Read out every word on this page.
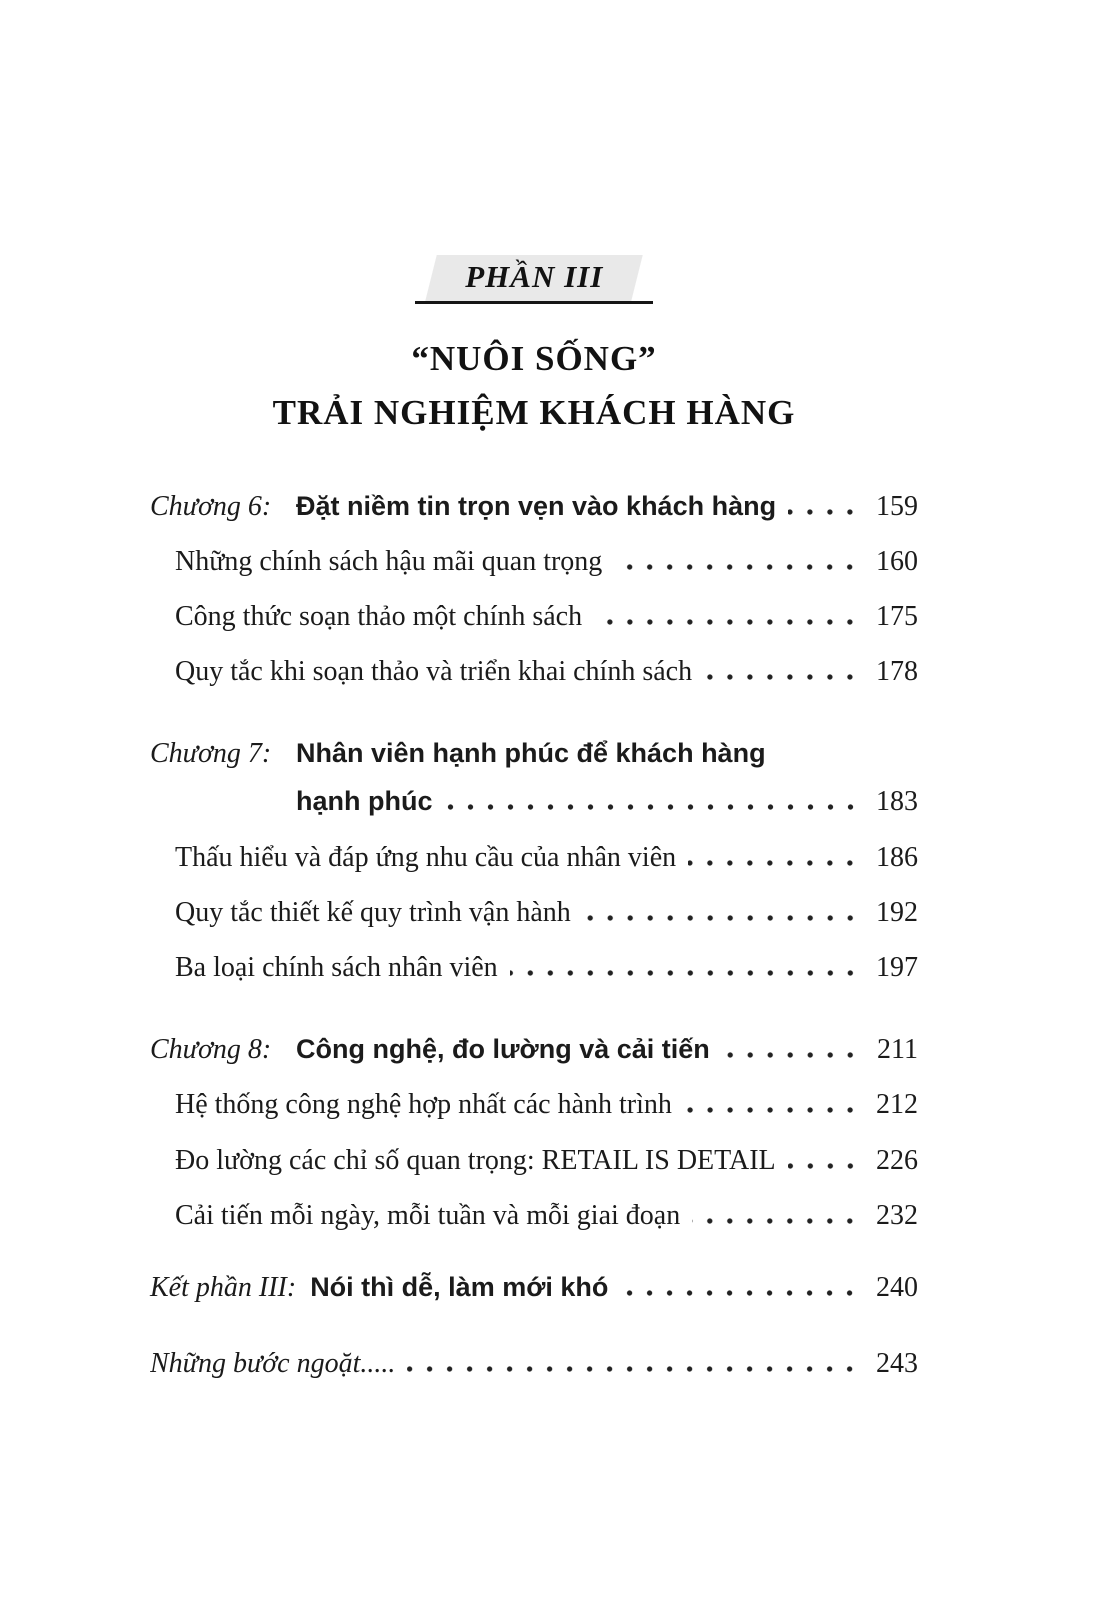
PHẦN III
“NUÔI SỐNG”
TRẢI NGHIỆM KHÁCH HÀNG
Chương 6: Đặt niềm tin trọn vẹn vào khách hàng	159
Những chính sách hậu mãi quan trọng	160
Công thức soạn thảo một chính sách	175
Quy tắc khi soạn thảo và triển khai chính sách	178
Chương 7: Nhân viên hạnh phúc để khách hàng
hạnh phúc	183
Thấu hiểu và đáp ứng nhu cầu của nhân viên	186
Quy tắc thiết kế quy trình vận hành	192
Ba loại chính sách nhân viên	197
Chương 8: Công nghệ, đo lường và cải tiến	211
Hệ thống công nghệ hợp nhất các hành trình	212
Đo lường các chỉ số quan trọng: RETAIL IS DETAIL	226
Cải tiến mỗi ngày, mỗi tuần và mỗi giai đoạn	232
Kết phần III: Nói thì dễ, làm mới khó	240
Những bước ngoặt.....	243
